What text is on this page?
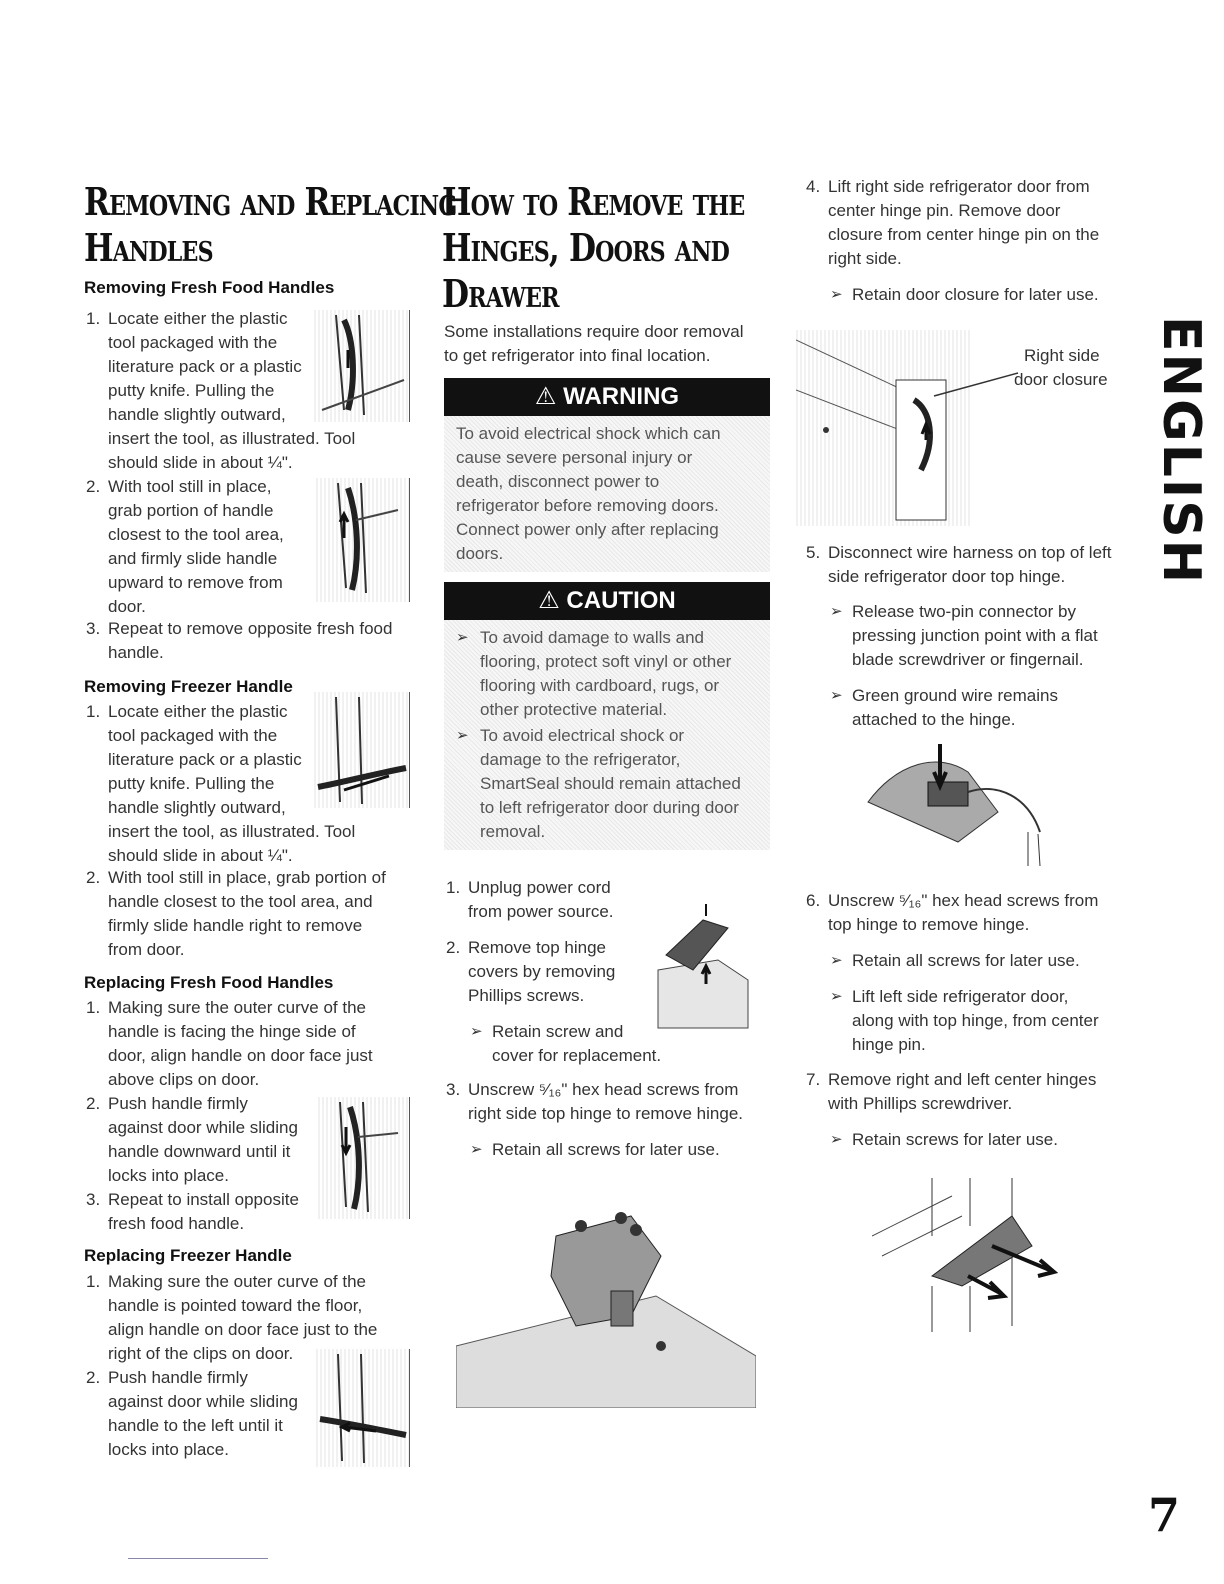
Removing and Replacing
Handles
Removing Fresh Food Handles
1. Locate either the plastic
tool packaged with the
literature pack or a plastic
putty knife. Pulling the
handle slightly outward,
insert the tool, as illustrated. Tool
should slide in about ¼".
2. With tool still in place,
grab portion of handle
closest to the tool area,
and firmly slide handle
upward to remove from
door.
3. Repeat to remove opposite fresh food
handle.
Removing Freezer Handle
1. Locate either the plastic
tool packaged with the
literature pack or a plastic
putty knife. Pulling the
handle slightly outward,
insert the tool, as illustrated. Tool
should slide in about ¼".
2. With tool still in place, grab portion of
handle closest to the tool area, and
firmly slide handle right to remove
from door.
Replacing Fresh Food Handles
1. Making sure the outer curve of the
handle is facing the hinge side of
door, align handle on door face just
above clips on door.
2. Push handle firmly
against door while sliding
handle downward until it
locks into place.
3. Repeat to install opposite
fresh food handle.
Replacing Freezer Handle
1. Making sure the outer curve of the
handle is pointed toward the floor,
align handle on door face just to the
right of the clips on door.
2. Push handle firmly
against door while sliding
handle to the left until it
locks into place.
How to Remove the
Hinges, Doors and
Drawer
Some installations require door removal
to get refrigerator into final location.
⚠ WARNING
To avoid electrical shock which can
cause severe personal injury or
death, disconnect power to
refrigerator before removing doors.
Connect power only after replacing
doors.
⚠ CAUTION
➢ To avoid damage to walls and
flooring, protect soft vinyl or other
flooring with cardboard, rugs, or
other protective material.
➢ To avoid electrical shock or
damage to the refrigerator,
SmartSeal should remain attached
to left refrigerator door during door
removal.
1. Unplug power cord
from power source.
2. Remove top hinge
covers by removing
Phillips screws.
➢ Retain screw and
cover for replacement.
3. Unscrew ⁵⁄₁₆" hex head screws from
right side top hinge to remove hinge.
➢ Retain all screws for later use.
4. Lift right side refrigerator door from
center hinge pin. Remove door
closure from center hinge pin on the
right side.
➢ Retain door closure for later use.
Right side
door closure
5. Disconnect wire harness on top of left
side refrigerator door top hinge.
➢ Release two-pin connector by
pressing junction point with a flat
blade screwdriver or fingernail.
➢ Green ground wire remains
attached to the hinge.
6. Unscrew ⁵⁄₁₆" hex head screws from
top hinge to remove hinge.
➢ Retain all screws for later use.
➢ Lift left side refrigerator door,
along with top hinge, from center
hinge pin.
7. Remove right and left center hinges
with Phillips screwdriver.
➢ Retain screws for later use.
ENGLISH
7
